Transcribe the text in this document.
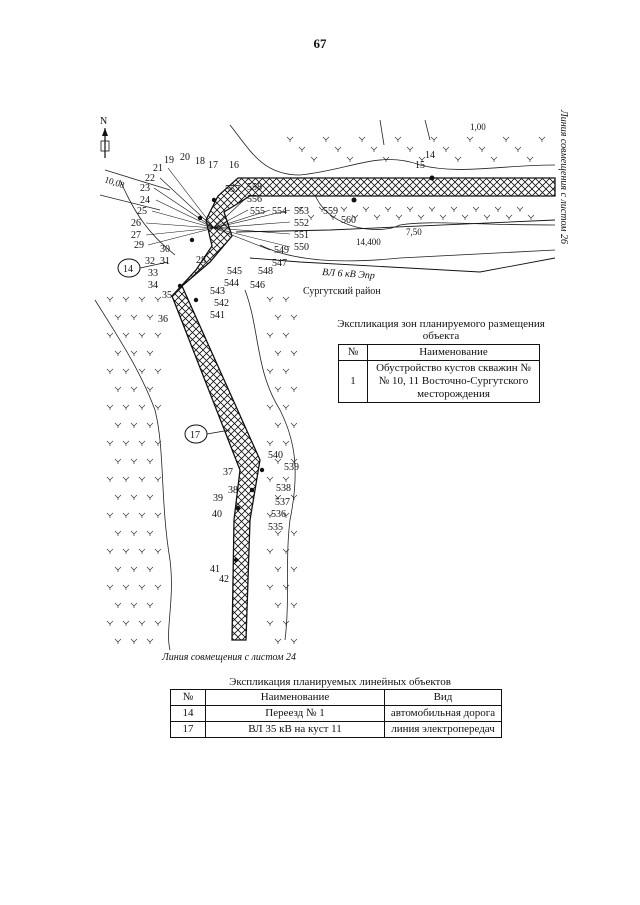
67
N	Линия совмещения с листом 26
Линия совмещения с листом 24
Сургутский район
ВЛ 6 кВ Эпр
10,08
14,400
7,50
1,00
14
17
14
15
16
17
18
19 20
21
22
23
24
25
26
27
28
29 30
31
32
33
34
35
36
37
38
39
40
41
42
535
536
537
538
539
540
541
542
543
544
545
546
547
548
549 550
551
552
553
554
555
556
557 558
559
560
Экспликация зон планируемого размещения объекта
№	Наименование
1	Обустройство кустов скважин №№ 10, 11 Восточно-Сургутского месторождения
Экспликация планируемых линейных объектов
№	Наименование	Вид
14	Переезд № 1	автомобильная дорога
17	ВЛ 35 кВ на куст 11	линия электропередач
